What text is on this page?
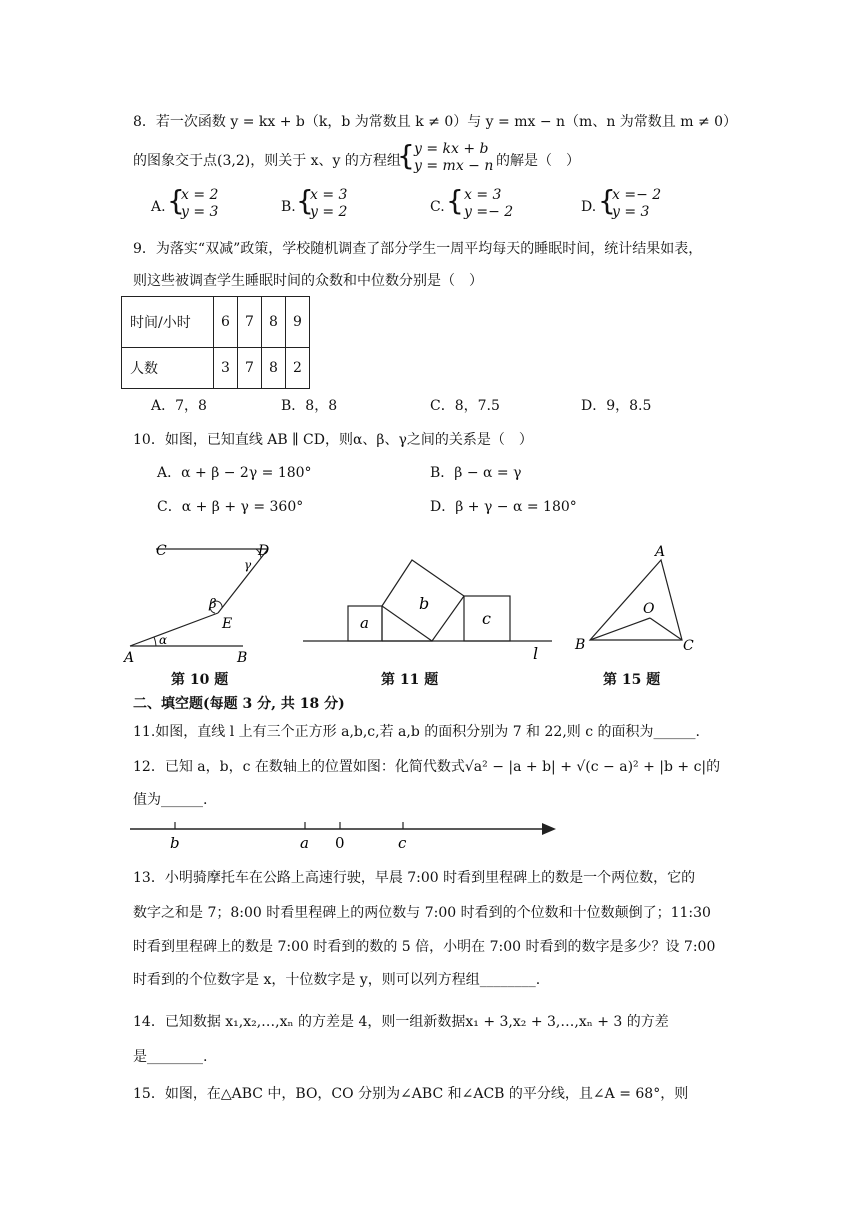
8．若一次函数 y = kx + b（k，b 为常数且 k ≠ 0）与 y = mx − n（m、n 为常数且 m ≠ 0）
的图象交于点(3,2)，则关于 x、y 的方程组
{ y = kx + b
y = mx − n 的解是（　）
A. {
x = 2
y = 3	B. {
x = 3
y = 2	C. { x = 3
y =− 2	D. {
x =− 2
y = 3
9．为落实“双减”政策，学校随机调查了部分学生一周平均每天的睡眠时间，统计结果如表，
则这些被调查学生睡眠时间的众数和中位数分别是（　）
时间/小时	6	7	8	9
人数	3	7	8	2
A．7，8	B．8，8	C．8，7.5	D．9，8.5
10．如图，已知直线 AB ∥ CD，则α、β、γ之间的关系是（　）
A．α + β − 2γ = 180°	B．β − α = γ
C．α + β + γ = 360°	D．β + γ − α = 180°
C	D
γ
β
E
α
A	B
a
b
c
l
A
O
B	C
第 10 题	第 11 题	第 15 题
二、填空题(每题 3 分, 共 18 分)
11.如图，直线 l 上有三个正方形 a,b,c,若 a,b 的面积分别为 7 和 22,则 c 的面积为______.
12．已知 a，b，c 在数轴上的位置如图：化简代数式√a² − |a + b| + √(c − a)² + |b + c|的
值为______.
b	a 0	c
13．小明骑摩托车在公路上高速行驶，早晨 7:00 时看到里程碑上的数是一个两位数，它的
数字之和是 7；8:00 时看里程碑上的两位数与 7:00 时看到的个位数和十位数颠倒了；11:30
时看到里程碑上的数是 7:00 时看到的数的 5 倍，小明在 7:00 时看到的数字是多少？设 7:00
时看到的个位数字是 x，十位数字是 y，则可以列方程组________.
14．已知数据 x₁,x₂,…,xₙ 的方差是 4，则一组新数据x₁ + 3,x₂ + 3,…,xₙ + 3 的方差
是________.
15．如图，在△ABC 中，BO，CO 分别为∠ABC 和∠ACB 的平分线，且∠A = 68°，则
